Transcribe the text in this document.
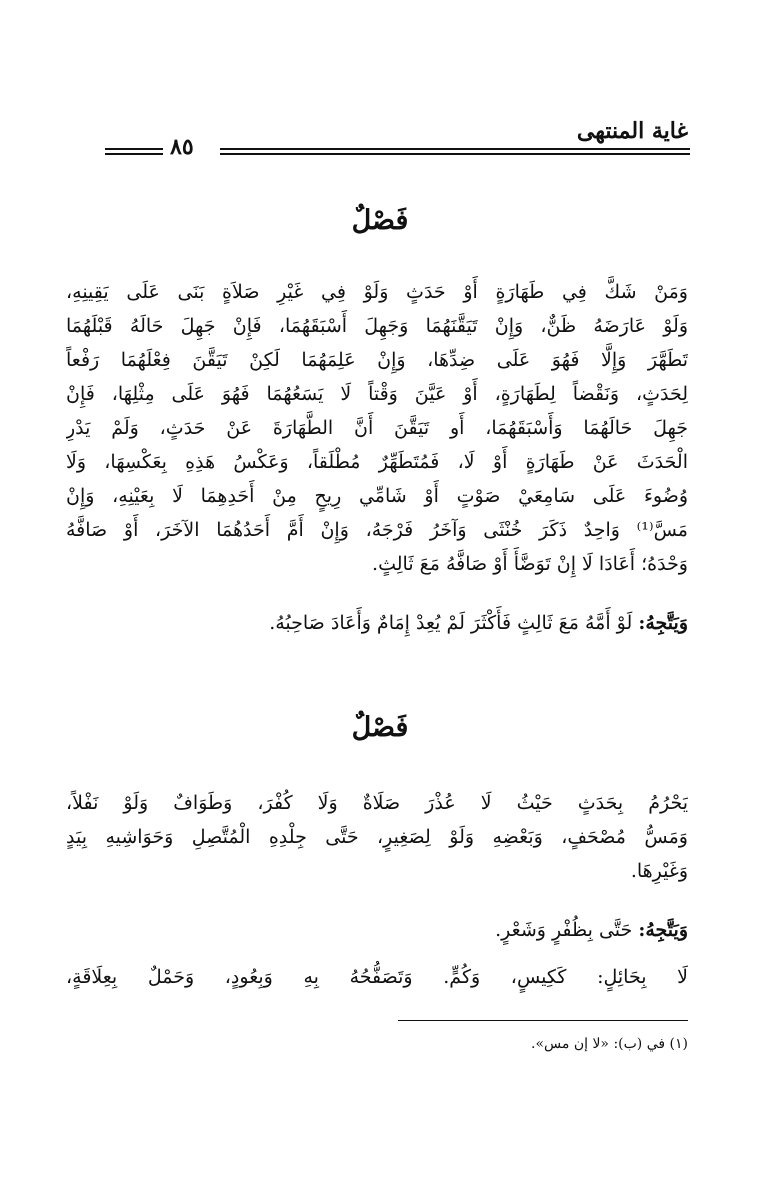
غاية المنتهى
٨٥
فَصْلٌ
وَمَنْ شَكَّ فِي طَهَارَةٍ أَوْ حَدَثٍ وَلَوْ فِي غَيْرِ صَلاَةٍ بَنَى عَلَى يَقِينِهِ،
وَلَوْ عَارَضَهُ ظَنٌّ، وَإِنْ تَيَقَّنَهُمَا وَجَهِلَ أَسْبَقَهُمَا، فَإِنْ جَهِلَ حَالَهُ قَبْلَهُمَا
تَطَهَّرَ وَإِلَّا فَهُوَ عَلَى ضِدِّهَا، وَإِنْ عَلِمَهُمَا لَكِنْ تَيَقَّنَ فِعْلَهُمَا رَفْعاً
لِحَدَثٍ، وَنَقْضاً لِطَهَارَةٍ، أَوْ عَيَّنَ وَقْتاً لَا يَسَعُهُمَا فَهُوَ عَلَى مِثْلِهَا، فَإِنْ
جَهِلَ حَالَهُمَا وَأَسْبَقَهُمَا، أَو تَيَقَّنَ أَنَّ الطَّهَارَةَ عَنْ حَدَثٍ، وَلَمْ يَدْرِ
الْحَدَثَ عَنْ طَهَارَةٍ أَوْ لَا، فَمُتَطَهِّرٌ مُطْلَقاً، وَعَكْسُ هَذِهِ بِعَكْسِهَا، وَلَا
وُضُوءَ عَلَى سَامِعَيْ صَوْتٍ أَوْ شَامِّي رِيحٍ مِنْ أَحَدِهِمَا لَا بِعَيْنِهِ، وَإِنْ
مَسَّ⁽¹⁾ وَاحِدٌ ذَكَرَ خُنْثَى وَآخَرُ فَرْجَهُ، وَإِنْ أَمَّ أَحَدُهُمَا الآخَرَ، أَوْ صَافَّهُ
وَحْدَهُ؛ أَعَادَا لَا إِنْ تَوَضَّأَ أَوْ صَافَّهُ مَعَ ثَالِثٍ.
وَيَتَّجِهُ: لَوْ أَمَّهُ مَعَ ثَالِثٍ فَأَكْثَرَ لَمْ يُعِدْ إِمَامٌ وَأَعَادَ صَاحِبُهُ.
فَصْلٌ
يَحْرُمُ بِحَدَثٍ حَيْثُ لَا عُذْرَ صَلَاةٌ وَلَا كُفْرَ، وَطَوَافٌ وَلَوْ نَفْلاً،
وَمَسُّ مُصْحَفٍ، وَبَعْضِهِ وَلَوْ لِصَغِيرٍ، حَتَّى جِلْدِهِ الْمُتَّصِلِ وَحَوَاشِيهِ بِيَدٍ
وَغَيْرِهَا.
وَيَتَّجِهُ: حَتَّى بِظُفْرٍ وَشَعْرٍ.
لَا بِحَائِلٍ: كَكِيسٍ، وَكُمٍّ. وَتَصَفُّحُهُ بِهِ وَبِعُودٍ، وَحَمْلٌ بِعِلَاقَةٍ،
(١) في (ب): «لا إن مس».
